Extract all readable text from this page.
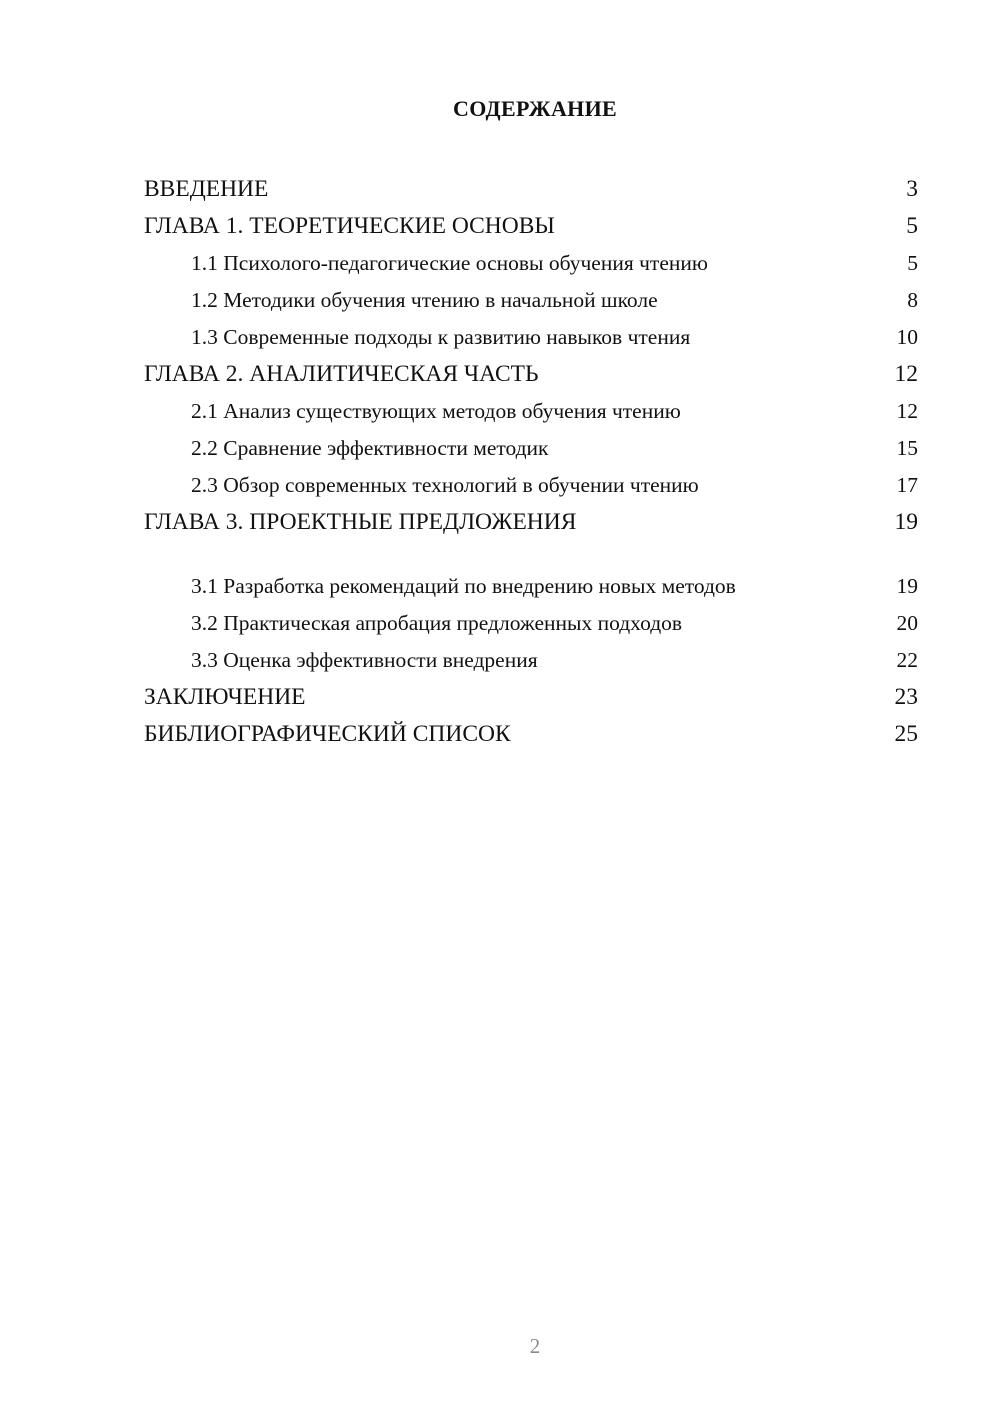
СОДЕРЖАНИЕ
ВВЕДЕНИЕ	3
ГЛАВА 1. ТЕОРЕТИЧЕСКИЕ ОСНОВЫ	5
1.1 Психолого-педагогические основы обучения чтению	5
1.2 Методики обучения чтению в начальной школе	8
1.3 Современные подходы к развитию навыков чтения	10
ГЛАВА 2. АНАЛИТИЧЕСКАЯ ЧАСТЬ	12
2.1 Анализ существующих методов обучения чтению	12
2.2 Сравнение эффективности методик	15
2.3 Обзор современных технологий в обучении чтению	17
ГЛАВА 3. ПРОЕКТНЫЕ ПРЕДЛОЖЕНИЯ	19
3.1 Разработка рекомендаций по внедрению новых методов	19
3.2 Практическая апробация предложенных подходов	20
3.3 Оценка эффективности внедрения	22
ЗАКЛЮЧЕНИЕ	23
БИБЛИОГРАФИЧЕСКИЙ СПИСОК	25
2
